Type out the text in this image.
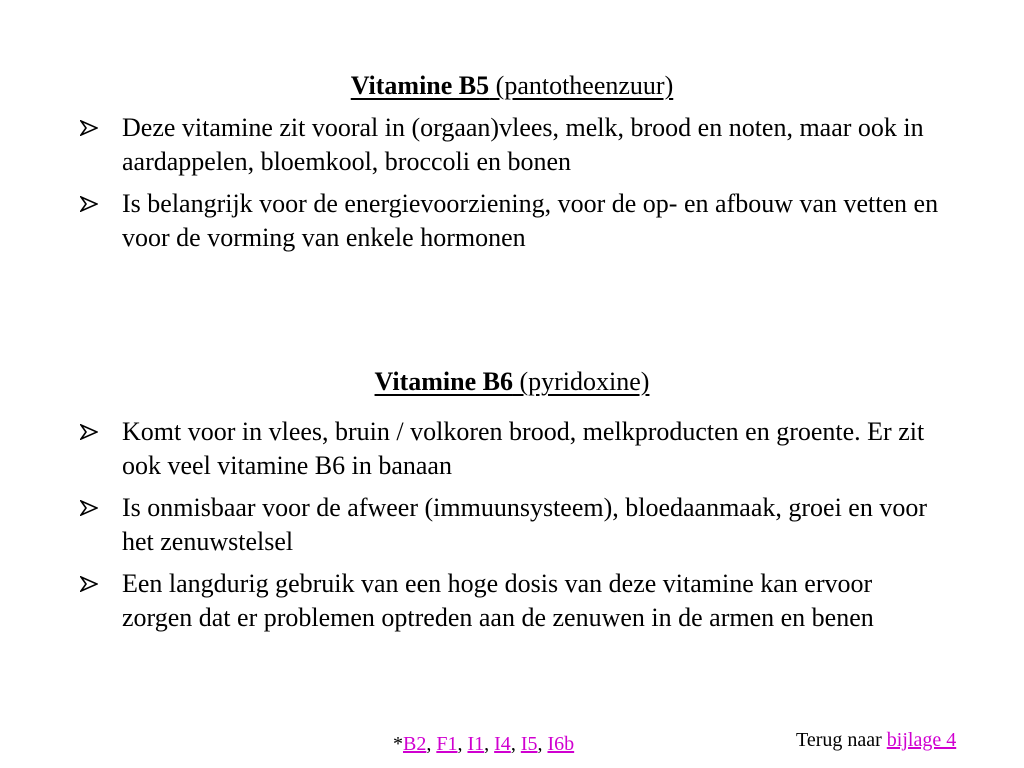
Vitamine B5 (pantotheenzuur)
Deze vitamine zit vooral in (orgaan)vlees, melk, brood en noten, maar ook in aardappelen, bloemkool, broccoli en bonen
Is belangrijk voor de energievoorziening, voor de op- en afbouw van vetten en voor de vorming van enkele hormonen
Vitamine B6 (pyridoxine)
Komt voor in vlees, bruin / volkoren brood, melkproducten en groente. Er zit ook veel vitamine B6 in banaan
Is onmisbaar voor de afweer (immuunsysteem), bloedaanmaak, groei en voor het zenuwstelsel
Een langdurig gebruik van een hoge dosis van deze vitamine kan ervoor zorgen dat er problemen optreden aan de zenuwen in de armen en benen
*B2, F1, I1, I4, I5, I6b	Terug naar bijlage 4
